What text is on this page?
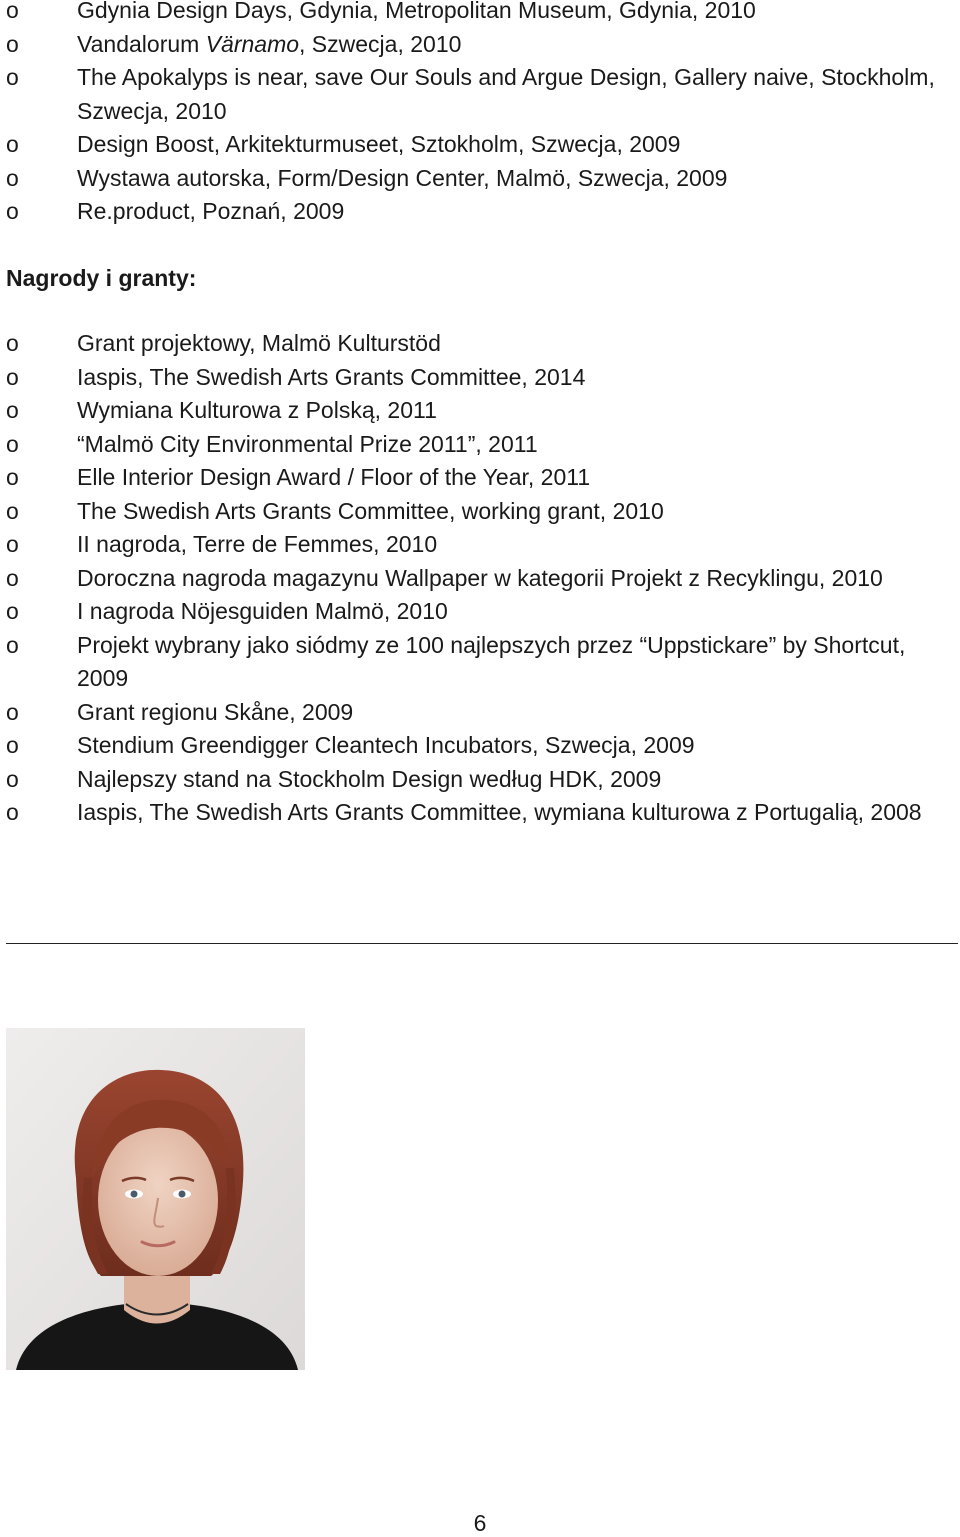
o	Gdynia Design Days, Gdynia, Metropolitan Museum, Gdynia, 2010
o	Vandalorum Värnamo, Szwecja, 2010
o	The Apokalyps is near, save Our Souls and Argue Design, Gallery naive, Stockholm, Szwecja, 2010
o	Design Boost, Arkitekturmuseet, Sztokholm, Szwecja, 2009
o	Wystawa autorska, Form/Design Center, Malmö, Szwecja, 2009
o	Re.product, Poznań, 2009
Nagrody i granty:
o	Grant projektowy, Malmö Kulturstöd
o	Iaspis, The Swedish Arts Grants Committee, 2014
o	Wymiana Kulturowa z Polską, 2011
o	“Malmö City Environmental Prize 2011”, 2011
o	Elle Interior Design Award / Floor of the Year, 2011
o	The Swedish Arts Grants Committee, working grant, 2010
o	II nagroda, Terre de Femmes, 2010
o	Doroczna nagroda magazynu Wallpaper w kategorii Projekt z Recyklingu, 2010
o	I nagroda Nöjesguiden Malmö, 2010
o	Projekt wybrany jako siódmy ze 100 najlepszych przez “Uppstickare” by Shortcut, 2009
o	Grant regionu Skåne, 2009
o	Stendium Greendigger Cleantech Incubators, Szwecja, 2009
o	Najlepszy stand na Stockholm Design według HDK, 2009
o	Iaspis, The Swedish Arts Grants Committee, wymiana kulturowa z Portugalią, 2008
6
